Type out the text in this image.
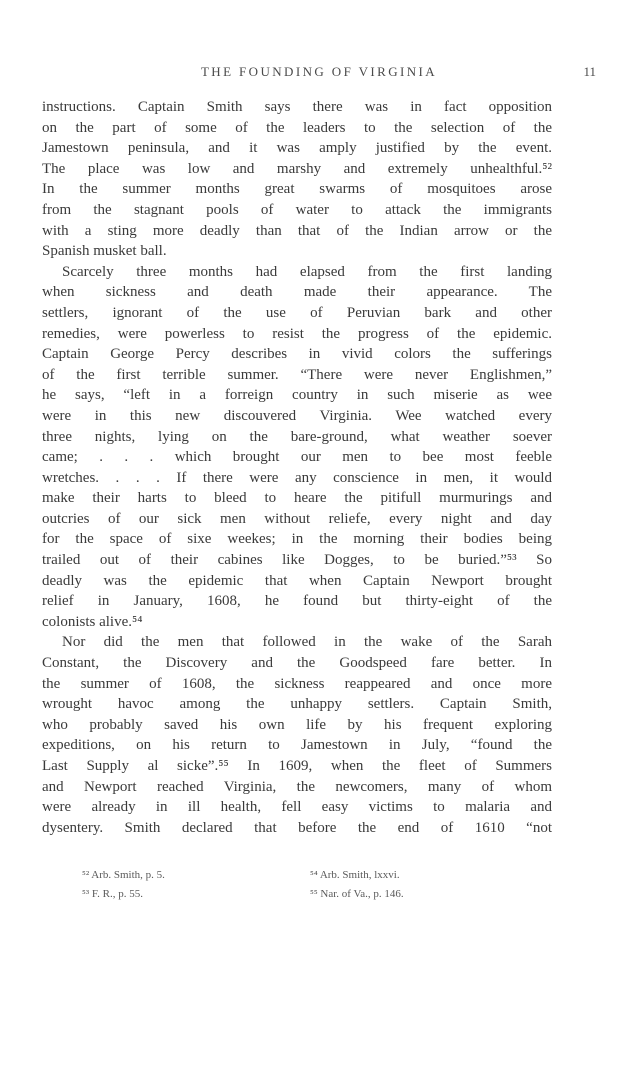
THE FOUNDING OF VIRGINIA	11
instructions. Captain Smith says there was in fact opposition
on the part of some of the leaders to the selection of the
Jamestown peninsula, and it was amply justified by the event.
The place was low and marshy and extremely unhealthful.⁵²
In the summer months great swarms of mosquitoes arose
from the stagnant pools of water to attack the immigrants
with a sting more deadly than that of the Indian arrow or the
Spanish musket ball.
Scarcely three months had elapsed from the first landing
when sickness and death made their appearance. The
settlers, ignorant of the use of Peruvian bark and other
remedies, were powerless to resist the progress of the epidemic.
Captain George Percy describes in vivid colors the sufferings
of the first terrible summer. “There were never Englishmen,”
he says, “left in a forreign country in such miserie as wee
were in this new discouvered Virginia. Wee watched every
three nights, lying on the bare-ground, what weather soever
came; . . . which brought our men to bee most feeble
wretches. . . . If there were any conscience in men, it would
make their harts to bleed to heare the pitifull murmurings and
outcries of our sick men without reliefe, every night and day
for the space of sixe weekes; in the morning their bodies being
trailed out of their cabines like Dogges, to be buried.”⁵³ So
deadly was the epidemic that when Captain Newport brought
relief in January, 1608, he found but thirty-eight of the
colonists alive.⁵⁴
Nor did the men that followed in the wake of the Sarah
Constant, the Discovery and the Goodspeed fare better. In
the summer of 1608, the sickness reappeared and once more
wrought havoc among the unhappy settlers. Captain Smith,
who probably saved his own life by his frequent exploring
expeditions, on his return to Jamestown in July, “found the
Last Supply al sicke”.⁵⁵ In 1609, when the fleet of Summers
and Newport reached Virginia, the newcomers, many of whom
were already in ill health, fell easy victims to malaria and
dysentery. Smith declared that before the end of 1610 “not
⁵² Arb. Smith, p. 5.	⁵⁴ Arb. Smith, lxxvi.
⁵³ F. R., p. 55.	⁵⁵ Nar. of Va., p. 146.
